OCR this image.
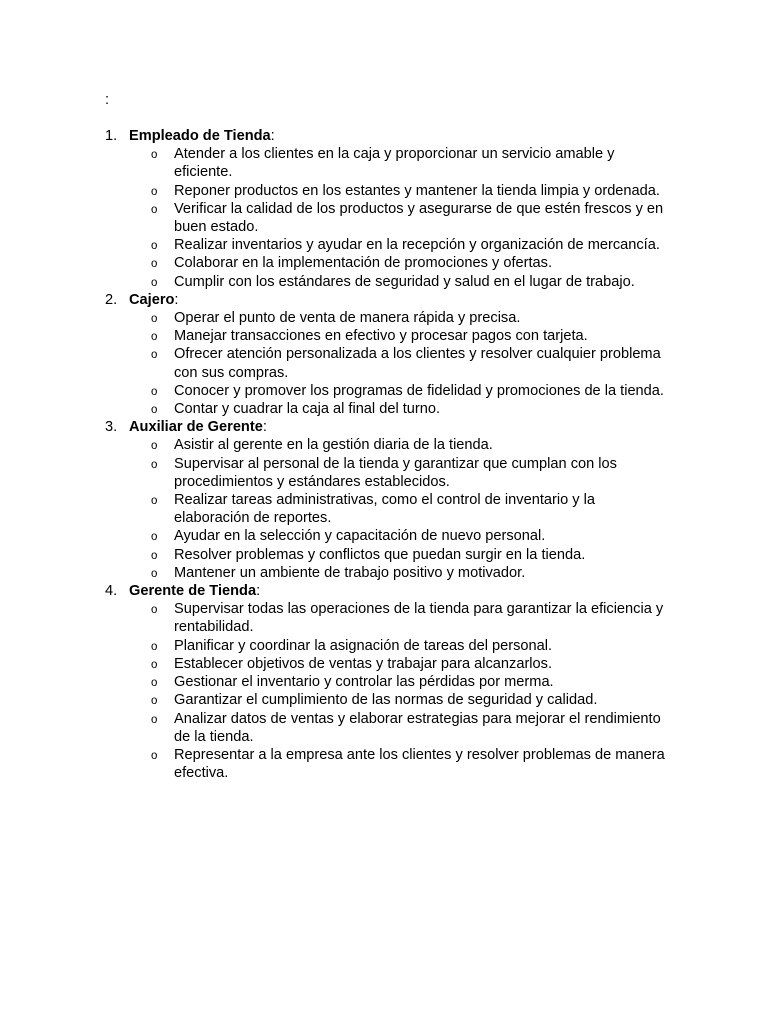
:

1. Empleado de Tienda:
o Atender a los clientes en la caja y proporcionar un servicio amable y eficiente.
o Reponer productos en los estantes y mantener la tienda limpia y ordenada.
o Verificar la calidad de los productos y asegurarse de que estén frescos y en buen estado.
o Realizar inventarios y ayudar en la recepción y organización de mercancía.
o Colaborar en la implementación de promociones y ofertas.
o Cumplir con los estándares de seguridad y salud en el lugar de trabajo.
2. Cajero:
o Operar el punto de venta de manera rápida y precisa.
o Manejar transacciones en efectivo y procesar pagos con tarjeta.
o Ofrecer atención personalizada a los clientes y resolver cualquier problema con sus compras.
o Conocer y promover los programas de fidelidad y promociones de la tienda.
o Contar y cuadrar la caja al final del turno.
3. Auxiliar de Gerente:
o Asistir al gerente en la gestión diaria de la tienda.
o Supervisar al personal de la tienda y garantizar que cumplan con los procedimientos y estándares establecidos.
o Realizar tareas administrativas, como el control de inventario y la elaboración de reportes.
o Ayudar en la selección y capacitación de nuevo personal.
o Resolver problemas y conflictos que puedan surgir en la tienda.
o Mantener un ambiente de trabajo positivo y motivador.
4. Gerente de Tienda:
o Supervisar todas las operaciones de la tienda para garantizar la eficiencia y rentabilidad.
o Planificar y coordinar la asignación de tareas del personal.
o Establecer objetivos de ventas y trabajar para alcanzarlos.
o Gestionar el inventario y controlar las pérdidas por merma.
o Garantizar el cumplimiento de las normas de seguridad y calidad.
o Analizar datos de ventas y elaborar estrategias para mejorar el rendimiento de la tienda.
o Representar a la empresa ante los clientes y resolver problemas de manera efectiva.
